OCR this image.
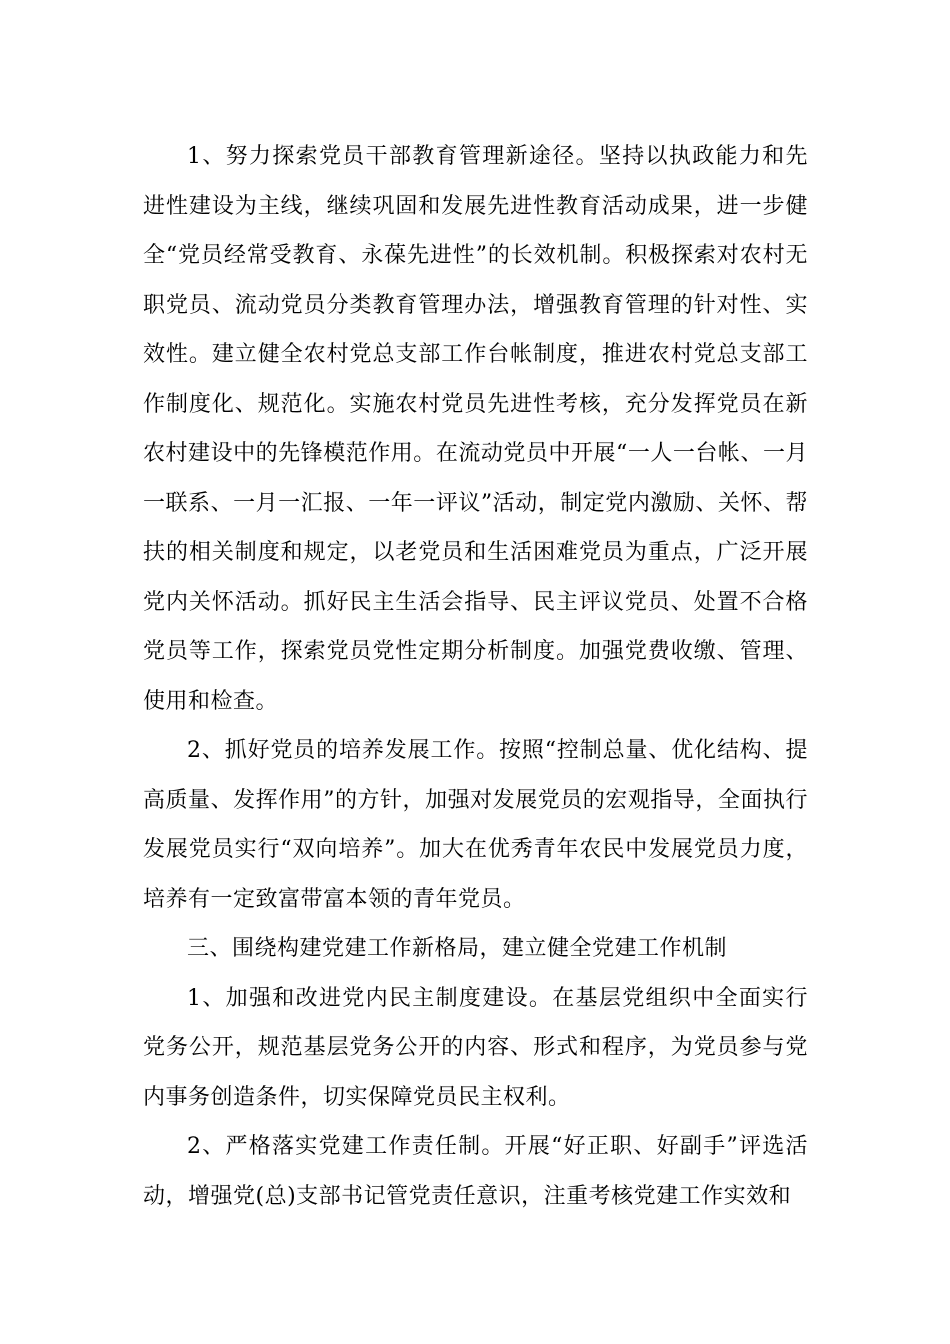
1、努力探索党员干部教育管理新途径。坚持以执政能力和先进性建设为主线，继续巩固和发展先进性教育活动成果，进一步健全“党员经常受教育、永葆先进性”的长效机制。积极探索对农村无职党员、流动党员分类教育管理办法，增强教育管理的针对性、实效性。建立健全农村党总支部工作台帐制度，推进农村党总支部工作制度化、规范化。实施农村党员先进性考核，充分发挥党员在新农村建设中的先锋模范作用。在流动党员中开展“一人一台帐、一月一联系、一月一汇报、一年一评议”活动，制定党内激励、关怀、帮扶的相关制度和规定，以老党员和生活困难党员为重点，广泛开展党内关怀活动。抓好民主生活会指导、民主评议党员、处置不合格党员等工作，探索党员党性定期分析制度。加强党费收缴、管理、使用和检查。

2、抓好党员的培养发展工作。按照“控制总量、优化结构、提高质量、发挥作用”的方针，加强对发展党员的宏观指导，全面执行发展党员实行“双向培养”。加大在优秀青年农民中发展党员力度，培养有一定致富带富本领的青年党员。

三、围绕构建党建工作新格局，建立健全党建工作机制

1、加强和改进党内民主制度建设。在基层党组织中全面实行党务公开，规范基层党务公开的内容、形式和程序，为党员参与党内事务创造条件，切实保障党员民主权利。

2、严格落实党建工作责任制。开展“好正职、好副手”评选活动，增强党(总)支部书记管党责任意识，注重考核党建工作实效和
